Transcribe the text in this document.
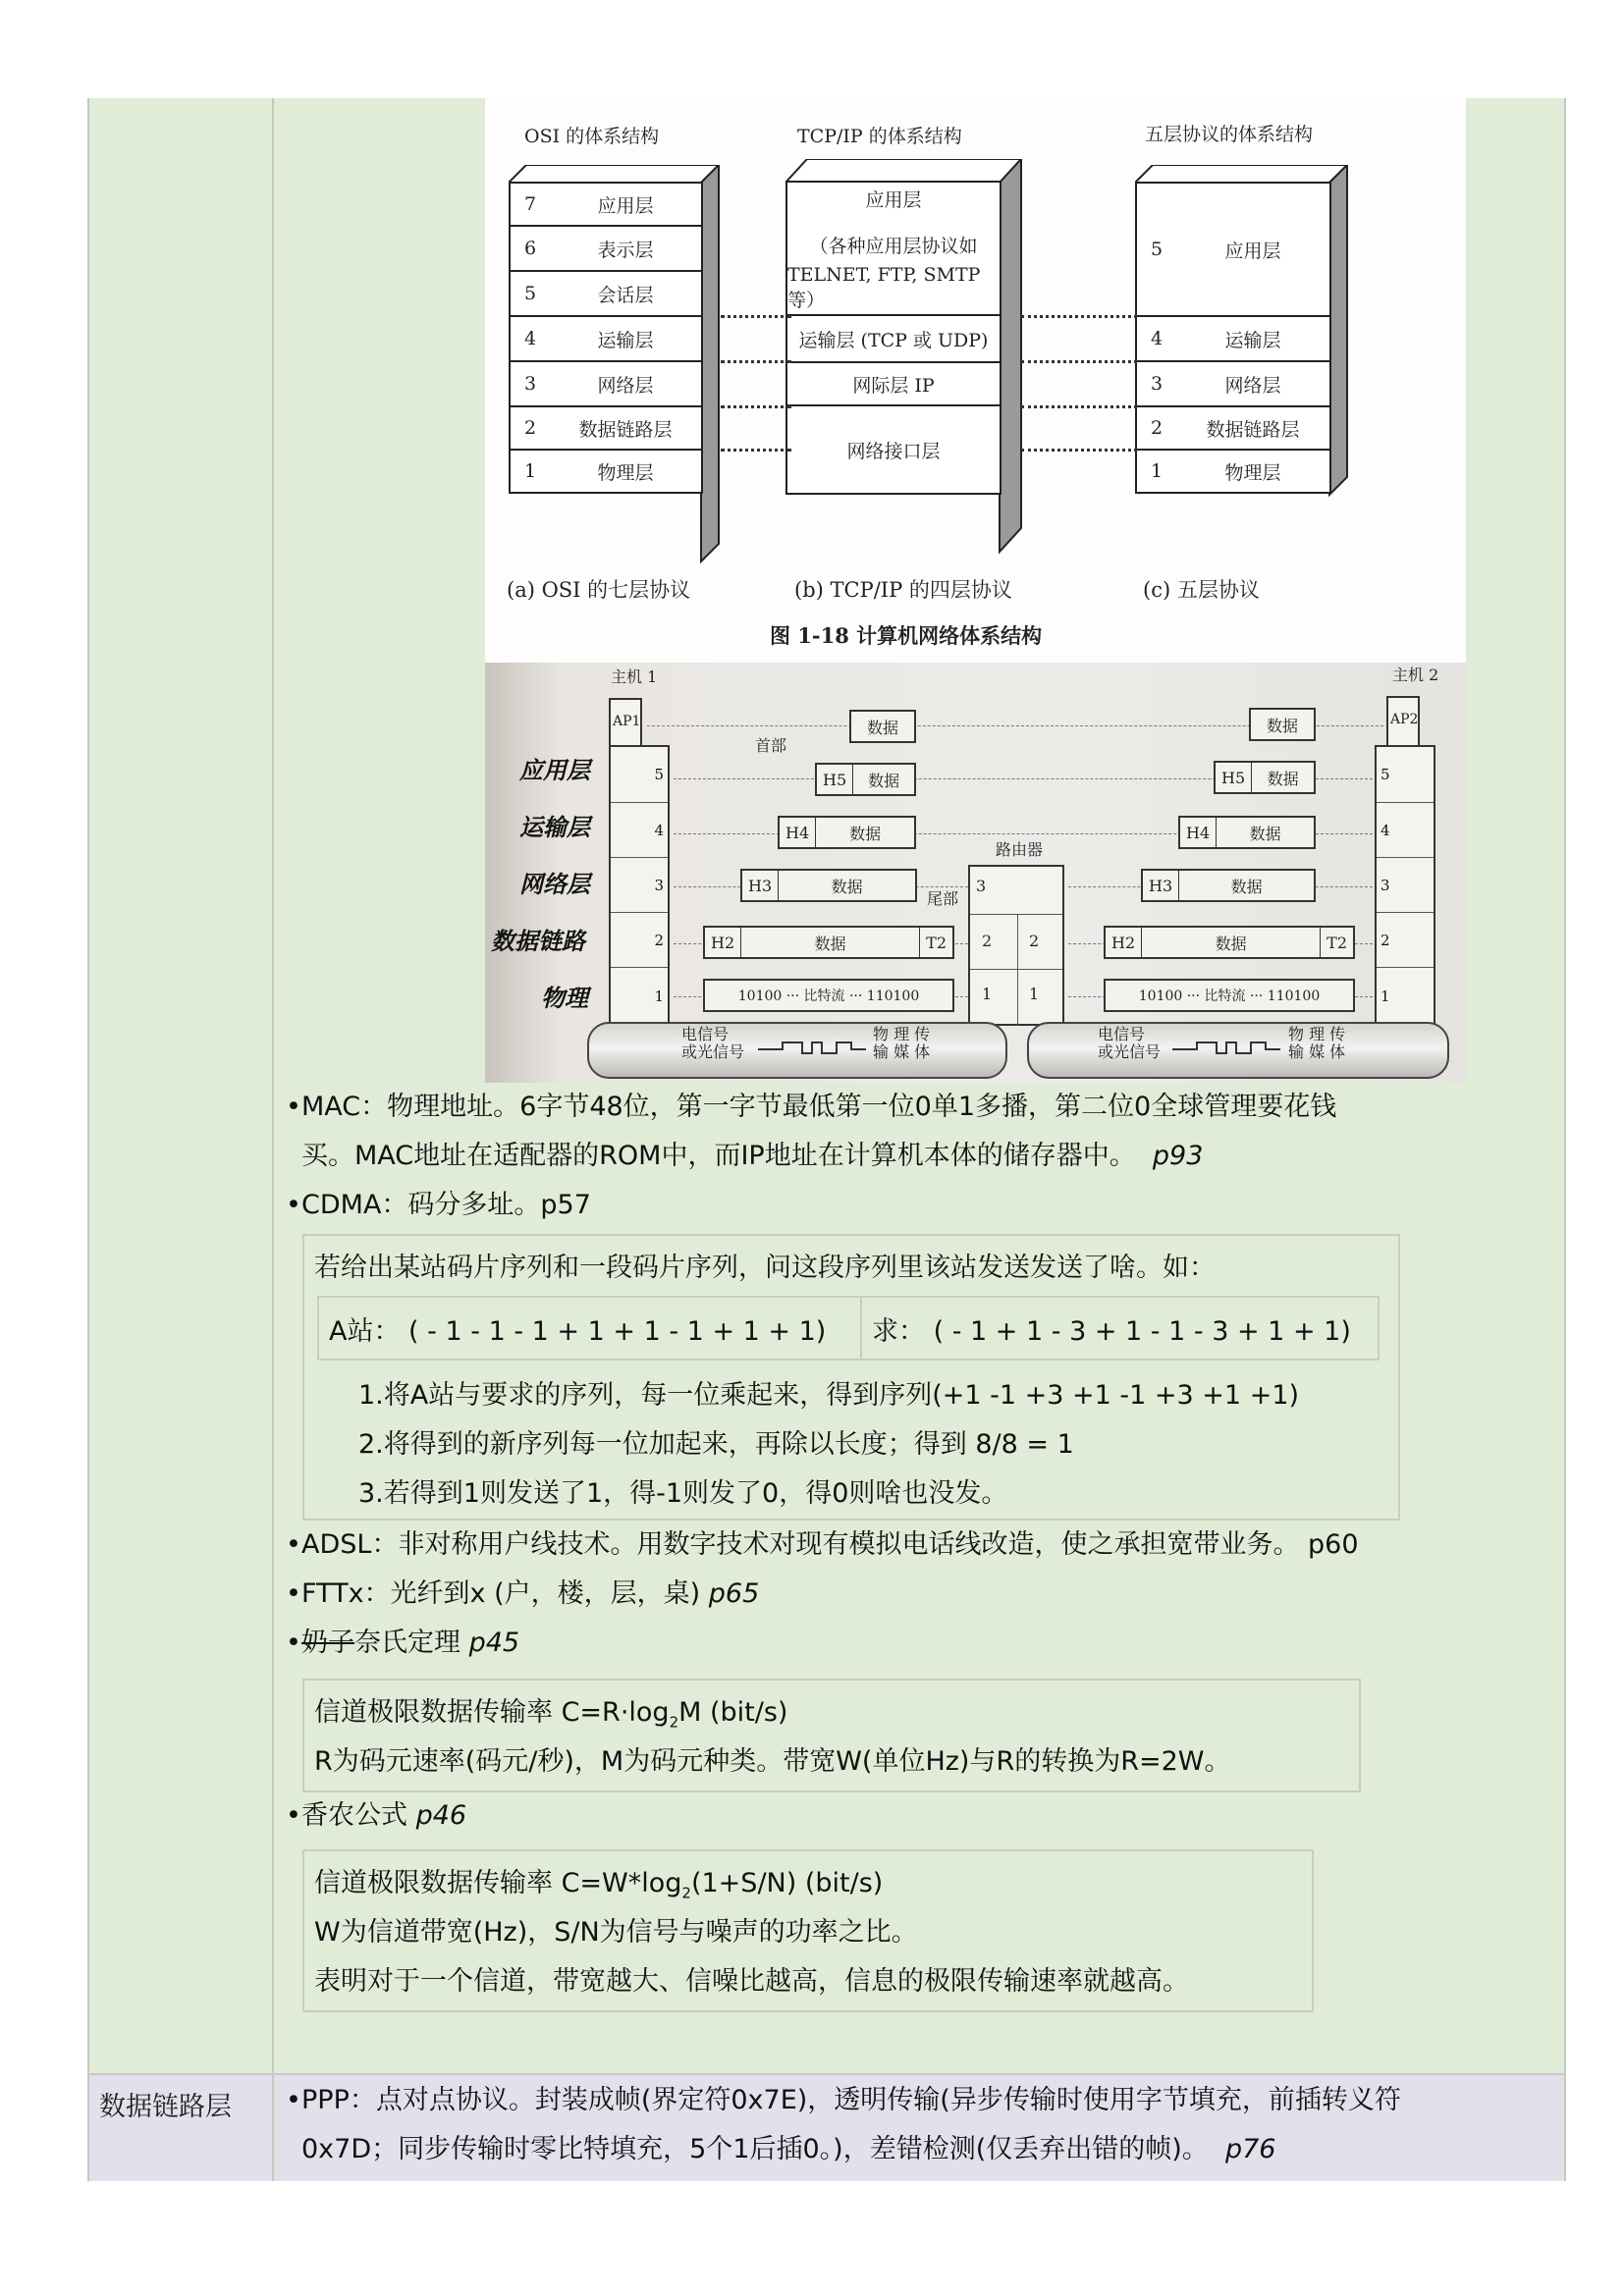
OSI 的体系结构	TCP/IP 的体系结构	五层协议的体系结构
7	应用层
6	表示层
5	会话层
4	运输层
3	网络层
2	数据链路层
1	物理层
应用层
（各种应用层协议如
TELNET, FTP, SMTP 等）
运输层 (TCP 或 UDP)
网际层 IP
网络接口层
5	应用层
4	运输层
3	网络层
2	数据链路层
1	物理层
(a) OSI 的七层协议	(b) TCP/IP 的四层协议	(c) 五层协议
图 1-18 计算机网络体系结构
主机 1	主机 2
路由器
首部
尾部
应用层
运输层
网络层
数据链路
物理
AP1
5
4
3
2
1
AP2
5
4
3
2
1
3
2 2
1 1
数据
H5	数据
H4	数据
H3	数据
H2	数据	T2
10100 ··· 比特流 ··· 110100
数据
H5	数据
H4	数据
H3	数据
H2	数据	T2
10100 ··· 比特流 ··· 110100
电信号
或光信号
物 理 传
输 媒 体
电信号
或光信号
物 理 传
输 媒 体
•MAC：物理地址。6字节48位，第一字节最低第一位0单1多播，第二位0全球管理要花钱
买。MAC地址在适配器的ROM中，而IP地址在计算机本体的储存器中。 p93
•CDMA：码分多址。p57
若给出某站码片序列和一段码片序列，问这段序列里该站发送发送了啥。如：
A站： ( - 1 - 1 - 1 + 1 + 1 - 1 + 1 + 1)	求： ( - 1 + 1 - 3 + 1 - 1 - 3 + 1 + 1)
1.将A站与要求的序列，每一位乘起来，得到序列(+1 -1 +3 +1 -1 +3 +1 +1)
2.将得到的新序列每一位加起来，再除以长度；得到 8/8 = 1
3.若得到1则发送了1，得-1则发了0，得0则啥也没发。
•ADSL：非对称用户线技术。用数字技术对现有模拟电话线改造，使之承担宽带业务。 p60
•FTTx：光纤到x (户，楼，层，桌) p65
•奶子奈氏定理 p45
信道极限数据传输率 $C=R\cdot\log_2M$ (bit/s)
R为码元速率(码元/秒)，M为码元种类。带宽W(单位Hz)与R的转换为R=2W。
•香农公式 p46
信道极限数据传输率 $C=W*\log_2(1+S/N)$ (bit/s)
W为信道带宽(Hz)，S/N为信号与噪声的功率之比。
表明对于一个信道，带宽越大、信噪比越高，信息的极限传输速率就越高。
数据链路层 •PPP：点对点协议。封装成帧(界定符0x7E)，透明传输(异步传输时使用字节填充，前插转义符
0x7D；同步传输时零比特填充，5个1后插0。)，差错检测(仅丢弃出错的帧)。 p76
